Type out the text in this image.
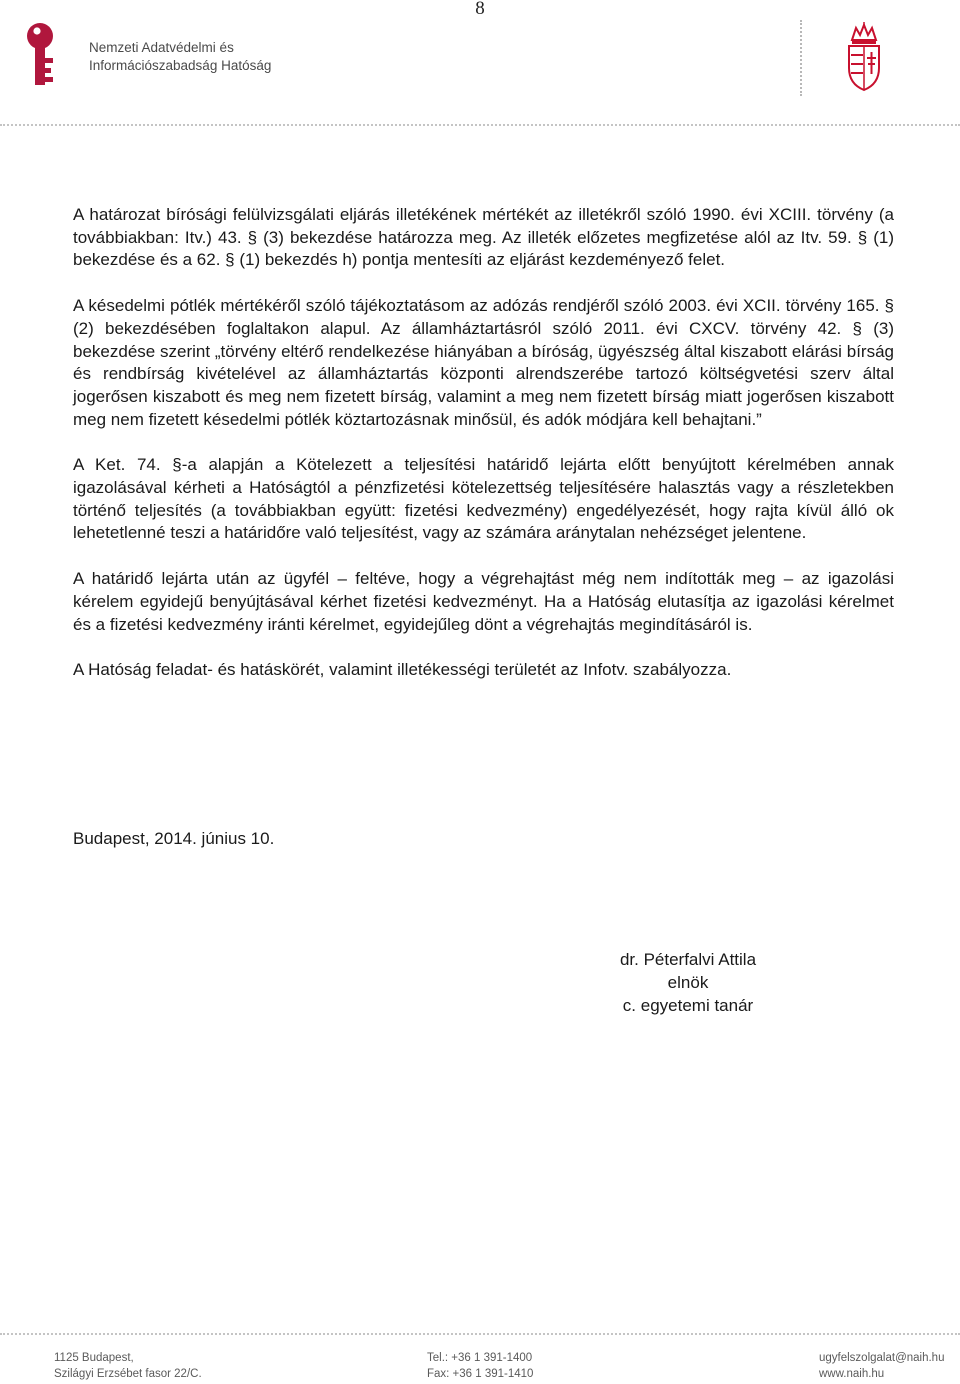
8
Nemzeti Adatvédelmi és
Információszabadság Hatóság

A határozat bírósági felülvizsgálati eljárás illetékének mértékét az illetékről szóló 1990. évi XCIII. törvény (a továbbiakban: Itv.) 43. § (3) bekezdése határozza meg. Az illeték előzetes megfizetése alól az Itv. 59. § (1) bekezdése és a 62. § (1) bekezdés h) pontja mentesíti az eljárást kezdeményező felet.

A késedelmi pótlék mértékéről szóló tájékoztatásom az adózás rendjéről szóló 2003. évi XCII. törvény 165. § (2) bekezdésében foglaltakon alapul. Az államháztartásról szóló 2011. évi CXCV. törvény 42. § (3) bekezdése szerint „törvény eltérő rendelkezése hiányában a bíróság, ügyészség által kiszabott elárási bírság és rendbírság kivételével az államháztartás központi alrendszerébe tartozó költségvetési szerv által jogerősen kiszabott és meg nem fizetett bírság, valamint a meg nem fizetett bírság miatt jogerősen kiszabott meg nem fizetett késedelmi pótlék köztartozásnak minősül, és adók módjára kell behajtani.”

A Ket. 74. §-a alapján a Kötelezett a teljesítési határidő lejárta előtt benyújtott kérelmében annak igazolásával kérheti a Hatóságtól a pénzfizetési kötelezettség teljesítésére halasztás vagy a részletekben történő teljesítés (a továbbiakban együtt: fizetési kedvezmény) engedélyezését, hogy rajta kívül álló ok lehetetlenné teszi a határidőre való teljesítést, vagy az számára aránytalan nehézséget jelentene.

A határidő lejárta után az ügyfél – feltéve, hogy a végrehajtást még nem indították meg – az igazolási kérelem egyidejű benyújtásával kérhet fizetési kedvezményt. Ha a Hatóság elutasítja az igazolási kérelmet és a fizetési kedvezmény iránti kérelmet, egyidejűleg dönt a végrehajtás megindításáról is.

A Hatóság feladat- és hatáskörét, valamint illetékességi területét az Infotv. szabályozza.

Budapest, 2014. június 10.
dr. Péterfalvi Attila
elnök
c. egyetemi tanár
1125 Budapest,
Szilágyi Erzsébet fasor 22/C.
Tel.: +36 1 391-1400
Fax: +36 1 391-1410
ugyfelszolgalat@naih.hu
www.naih.hu
